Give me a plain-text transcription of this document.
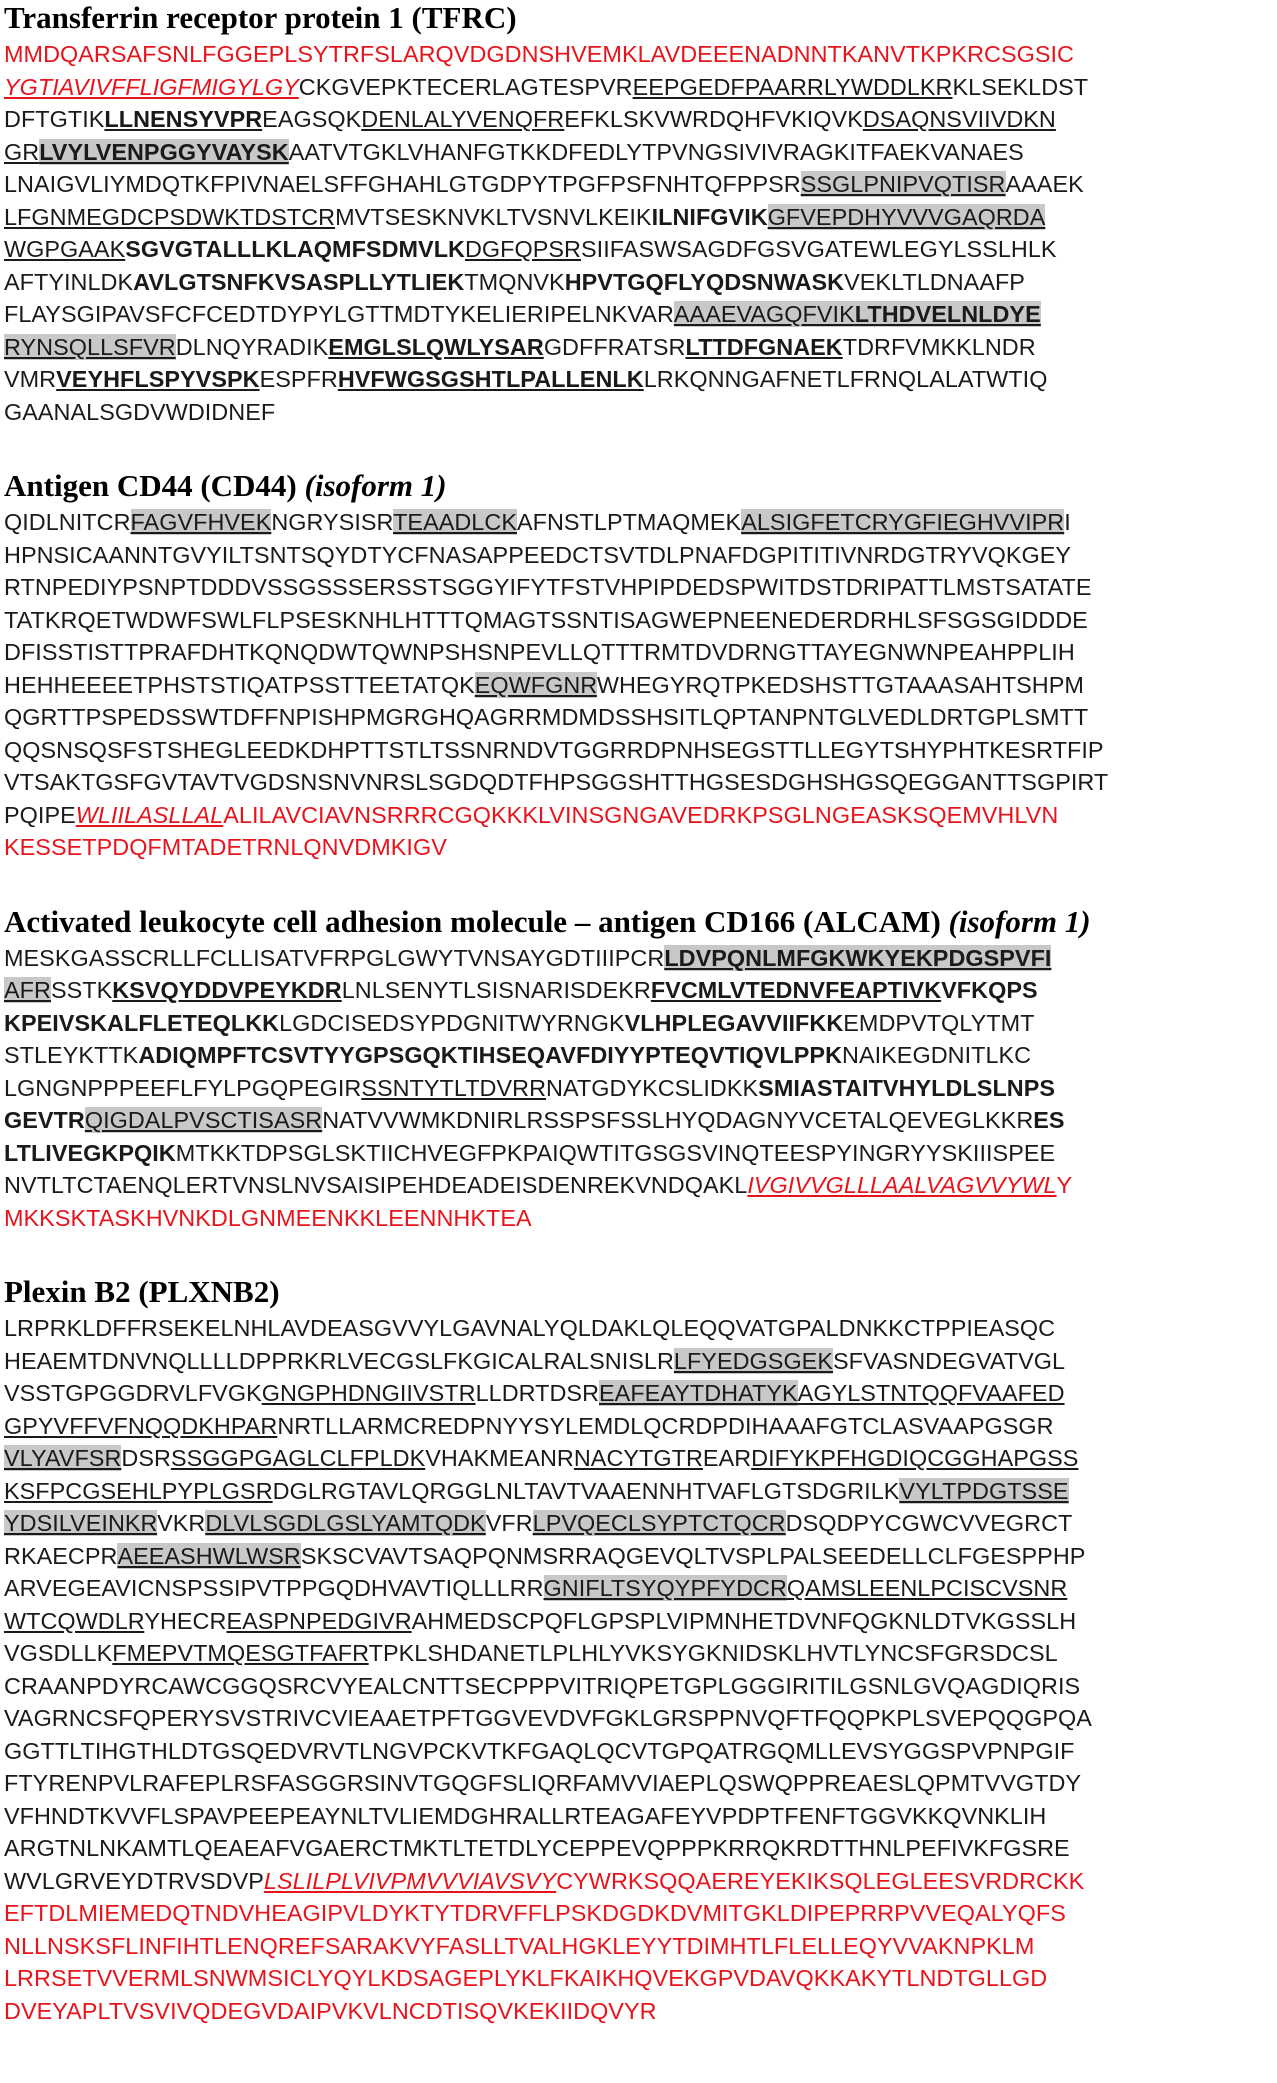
Transferrin receptor protein 1 (TFRC)
MMDQARSAFSNLFGGEPLSYTRFSLARQVDGDNSHVEMKLAVDEEENADNNTKANVTKPKRCSGSIC
YGTIAVIVFFLIGFMIGYLGYCKGVEPKTECERLAGTESPVREEPGEDFPAARRLYWDDLKRKLSEKLDST
DFTGTIKLLNENSYVPREAGSQKDENLALYVENQFREFKLSKVWRDQHFVKIQVKDSAQNSVIIVDKN
GRLVYLVENPGGYVAYSKAATVTGKLVHANFGTKKDFEDLYTPVNGSIVIVRAGKITFAEKVANAES
LNAIGVLIYMDQTKFPIVNAELSFFGHAHLGTGDPYTPGFPSFNHTQFPPSRSSGLPNIPVQTISRAAAEK
LFGNMEGDCPSDWKTDSTCRMVTSESKNVKLTVSNVLKEIKILNIFGVIKGFVEPDHYVVVGAQRDA
WGPGAAKSGVGTALLLKLAQMFSDMVLKDGFQPSRSIIFASWSAGDFGSVGATEWLEGYLSSLHLK
AFTYINLDKAVLGTSNFKVSASPLLYTLIEKTMQNVKHPVTGQFLYQDSNWASKVEKLTLDNAAFP
FLAYSGIPAVSFCFCEDTDYPYLGTTMDTYKELIERIPELNKVARAAAEVAGQFVIKLTHDVELNLDYE
RYNSQLLSFVRDLNQYRADIKEMGLSLQWLYSARGDFFRATSRLTTDFGNAEKTDRFVMKKLNDR
VMRVEYHFLSPYVSPKESPFRHVFWGSGSHTLPALLENLKLRKQNNGAFNETLFRNQLALATWTIQ
GAANALSGDVWDIDNEF
Antigen CD44 (CD44) (isoform 1)
QIDLNITCRFAGVFHVEKNGRYSISRTEAADLCKAFNSTLPTMAQMEKALSIGFETCRYGFIEGHVVIPRI
HPNSICAANNTGVYILTSNTSQYDTYCFNASAPPEEDCTSVTDLPNAFDGPITITIVNRDGTRYVQKGEY
RTNPEDIYPSNPTDDDVSSGSSSERSSTSGGYIFYTFSTVHPIPDEDSPWITDSTDRIPATTLMSTSATATE
TATKRQETWDWFSWLFLPSESKNHLHTTTQMAGTSSNTISAGWEPNEENEDERDRHLSFSGSGIDDDE
DFISSTISTTPRAFDHTKQNQDWTQWNPSHSNPEVLLQTTTRMTDVDRNGTTAYEGNWNPEAHPPLIH
HEHHEEEETPHSTSTIQATPSSTTEETATQKEQWFGNRWHEGYRQTPKEDSHSTTGTAAASAHTSHPM
QGRTTPSPEDSSWTDFFNPISHPMGRGHQAGRRMDMDSSHSITLQPTANPNTGLVEDLDRTGPLSMTT
QQSNSQSFSTSHEGLEEDKDHPTTSTLTSSNRNDVTGGRRDPNHSEGSTTLLEGYTSHYPHTKESRTFIP
VTSAKTGSFGVTAVTVGDSNSNVNRSLSGDQDTFHPSGGSHTTHGSESDGHSHGSQEGGANTTSGPIRT
PQIPEWLIILASLLALALILAVCIAVNSRRRCGQKKKLVINSGNGAVEDRKPSGLNGEASKSQEMVHLVN
KESSETPDQFMTADETRNLQNVDMKIGV
Activated leukocyte cell adhesion molecule – antigen CD166 (ALCAM) (isoform 1)
MESKGASSCRLLFCLLISATVFRPGLGWYTVNSAYGDTIIIPCRLDVPQNLMFGKWKYEKPDGSPVFI
AFRSSTKKSVQYDDVPEYKDRLNLSENYTLSISNARISDEKRFVCMLVTEDNVFEAPTIVKVFKQPS
KPEIVSKALFLETEQLKKLGDCISEDSYPDGNITWYRNGKVLHPLEGAVVIIFKKEMDPVTQLYTMT
STLEYKTTKADIQMPFTCSVTYYGPSGQKTIHSEQAVFDIYYPTEQVTIQVLPPKNAIKEGDNITLKC
LGNGNPPPEEFLFYLPGQPEGIRSSNTYTLTDVRRNATGDYKCSLIDKKSMIASTAITVHYLDLSLNPS
GEVTRQIGDALPVSCTISASRNATVVWMKDNIRLRSSPSFSSLHYQDAGNYVCETALQEVEGLKKRES
LTLIVEGKPQIKMTKKTDPSGLSKTIICHVEGFPKPAIQWTITGSGSVINQTEESPYINGRYYSKIIISPEE
NVTLTCTAENQLERTVNSLNVSAISIPEHDEADEISDENREKVNDQAKLIVGIVVGLLLAALVAGVVYWLY
MKKSKTASKHVNKDLGNMEENKKLEENNHKTEA
Plexin B2 (PLXNB2)
LRPRKLDFFRSEKELNHLAVDEASGVVYLGAVNALYQLDAKLQLEQQVATGPALDNKKCTPPIEASQC
HEAEMTDNVNQLLLLDPPRKRLVECGSLFKGICALRALSNISLRLFYEDGSGEKSFVASNDEGVATVGL
VSSTGPGGDRVLFVGKGNGPHDNGIIVSTRLLDRTDSREAFEAYTDHATYKAGYLSTNTQQFVAAFED
GPYVFFVFNQQDKHPARNRTLLARMCREDPNYYSYLEMDLQCRDPDIHAAAFGTCLASVAAPGSGR
VLYAVFSRDSRSSGGPGAGLCLFPLDKVHAKMEANRNACYTGTREARDIFYKPFHGDIQCGGHAPGSS
KSFPCGSEHLPYPLGSRDGLRGTAVLQRGGLNLTAVTVAAENNHTVAFLGTSDGRILKVYLTPDGTSSE
YDSILVEINKRVKRDLVLSGDLGSLYAMTQDKVFRLPVQECLSYPTCTQCRDSQDPYCGWCVVEGRCT
RKAECPRAEEASHWLWSRSKSCVAVTSAQPQNMSRRAQGEVQLTVSPLPALSEEDELLCLFGESPPHP
ARVEGEAVICNSPSSIPVTPPGQDHVAVTIQLLLRRGNIFLTSYQYPFYDCRQAMSLEENLPCISCVSNR
WTCQWDLRYHECREASPNPEDGIVRAHMEDSCPQFLGPSPLVIPMNHETDVNFQGKNLDTVKGSSLH
VGSDLLKFMEPVTMQESGTFAFRTPKLSHDANETLPLHLYVKSYGKNIDSKLHVTLYNCSFGRSDCSL
CRAANPDYRCAWCGGQSRCVYEALCNTTSECPPPVITRIQPETGPLGGGIRITILGSNLGVQAGDIQRIS
VAGRNCSFQPERYSVSTRIVCVIEAAETPFTGGVEVDVFGKLGRSPPNVQFTFQQPKPLSVEPQQGPQA
GGTTLTIHGTHLDTGSQEDVRVTLNGVPCKVTKFGAQLQCVTGPQATRGQMLLEVSYGGSPVPNPGIF
FTYRENPVLRAFEPLRSFASGGRSINVTGQGFSLIQRFAMVVIAEPLQSWQPPREAESLQPMTVVGTDY
VFHNDTKVVFLSPAVPEEPEAYNLTVLIEMDGHRALLRTEAGAFEYVPDPTFENFTGGVKKQVNKLIH
ARGTNLNKAMTLQEAEAFVGAERCTMKTLTETDLYCEPPEVQPPPKRRQKRDTTHNLPEFIVKFGSRE
WVLGRVEYDTRVSDVPLSLILPLVIVPMVVVIAVSVYCYWRKSQQAEREYEKIKSQLEGLEESVRDRCKK
EFTDLMIEMEDQTNDVHEAGIPVLDYKTYTDRVFFLPSKDGDKDVMITGKLDIPEPRRPVVEQALYQFS
NLLNSKSFLINFIHTLENQREFSARAKVYFASLLTVALHGKLEYYTDIMHTLFLELLEQYVVAKNPKLM
LRRSETVVERMLSNWMSICLYQYLKDSAGEPLYKLFKAIKHQVEKGPVDAVQKKAKYTLNDTGLLGD
DVEYAPLTVSVIVQDEGVDAIPVKVLNCDTISQVKEKIIDQVYR
